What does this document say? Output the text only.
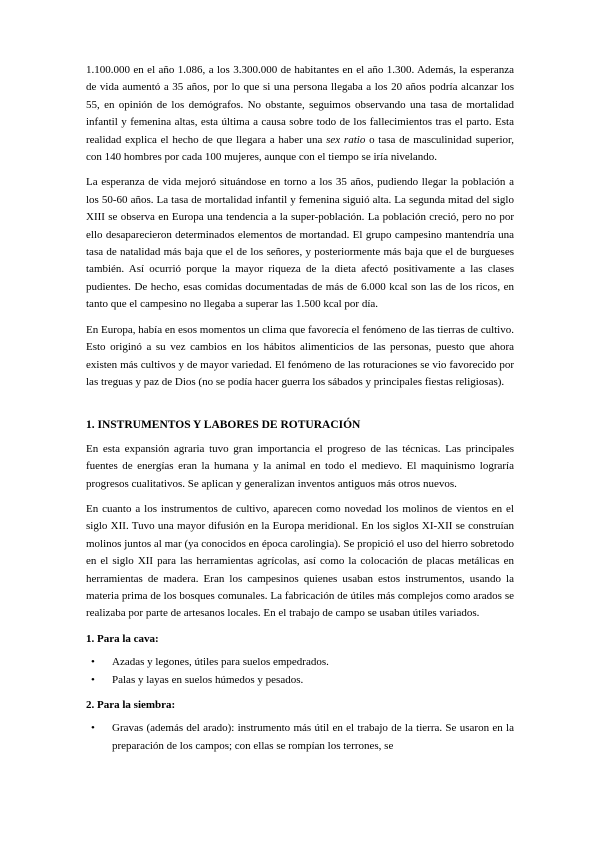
1.100.000 en el año 1.086, a los 3.300.000 de habitantes en el año 1.300. Además, la esperanza de vida aumentó a 35 años, por lo que si una persona llegaba a los 20 años podría alcanzar los 55, en opinión de los demógrafos. No obstante, seguimos observando una tasa de mortalidad infantil y femenina altas, esta última a causa sobre todo de los fallecimientos tras el parto. Esta realidad explica el hecho de que llegara a haber una sex ratio o tasa de masculinidad superior, con 140 hombres por cada 100 mujeres, aunque con el tiempo se iría nivelando.

La esperanza de vida mejoró situándose en torno a los 35 años, pudiendo llegar la población a los 50-60 años. La tasa de mortalidad infantil y femenina siguió alta. La segunda mitad del siglo XIII se observa en Europa una tendencia a la super-población. La población creció, pero no por ello desaparecieron determinados elementos de mortandad. El grupo campesino mantendría una tasa de natalidad más baja que el de los señores, y posteriormente más baja que el de burgueses también. Así ocurrió porque la mayor riqueza de la dieta afectó positivamente a las clases pudientes. De hecho, esas comidas documentadas de más de 6.000 kcal son las de los ricos, en tanto que el campesino no llegaba a superar las 1.500 kcal por día.

En Europa, había en esos momentos un clima que favorecía el fenómeno de las tierras de cultivo. Esto originó a su vez cambios en los hábitos alimenticios de las personas, puesto que ahora existen más cultivos y de mayor variedad. El fenómeno de las roturaciones se vio favorecido por las treguas y paz de Dios (no se podía hacer guerra los sábados y principales fiestas religiosas).

1. INSTRUMENTOS Y LABORES DE ROTURACIÓN

En esta expansión agraria tuvo gran importancia el progreso de las técnicas. Las principales fuentes de energías eran la humana y la animal en todo el medievo. El maquinismo lograría progresos cualitativos. Se aplican y generalizan inventos antiguos más otros nuevos.

En cuanto a los instrumentos de cultivo, aparecen como novedad los molinos de vientos en el siglo XII. Tuvo una mayor difusión en la Europa meridional. En los siglos XI-XII se construían molinos juntos al mar (ya conocidos en época carolingia). Se propició el uso del hierro sobretodo en el siglo XII para las herramientas agrícolas, así como la colocación de placas metálicas en herramientas de madera. Eran los campesinos quienes usaban estos instrumentos, usando la materia prima de los bosques comunales. La fabricación de útiles más complejos como arados se realizaba por parte de artesanos locales. En el trabajo de campo se usaban útiles variados.

1. Para la cava:
• Azadas y legones, útiles para suelos empedrados.
• Palas y layas en suelos húmedos y pesados.
2. Para la siembra:
• Gravas (además del arado): instrumento más útil en el trabajo de la tierra. Se usaron en la preparación de los campos; con ellas se rompían los terrones, se
